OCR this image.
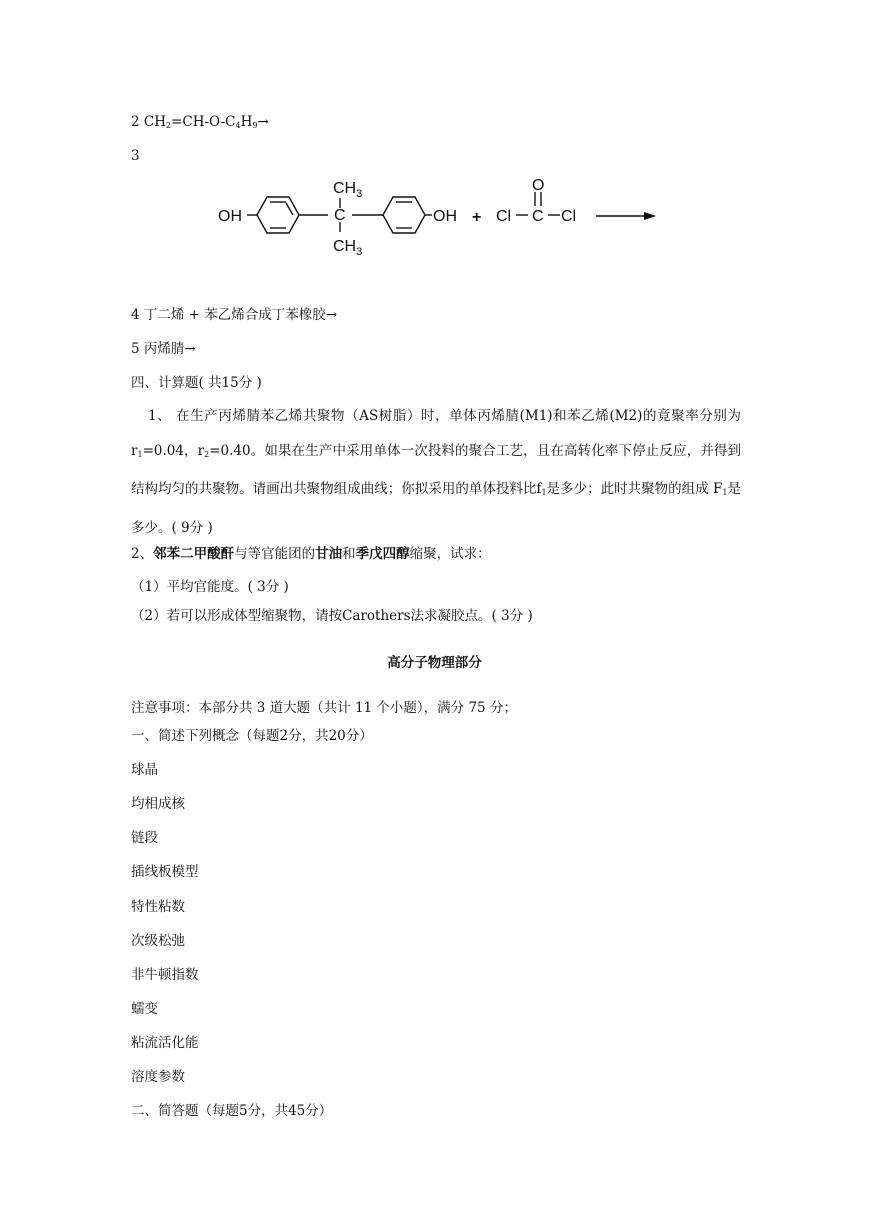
2 $CH_2=CH-O-C_4H_9\to$
3
OH
$CH_3$
C
$CH_3$
OH +
O
Cl C Cl
4 丁二烯 + 苯乙烯合成丁苯橡胶→
5 丙烯腈→
四、计算题( 共15分 )
1、 在生产丙烯腈苯乙烯共聚物（AS树脂）时，单体丙烯腈(M1)和苯乙烯(M2)的竟聚率分别为$r_1=0.04$，$r_2=0.40$。如果在生产中采用单体一次投料的聚合工艺，且在高转化率下停止反应，并得到结构均匀的共聚物。请画出共聚物组成曲线；你拟采用的单体投料比$f_1$是多少；此时共聚物的组成 $F_1$是多少。( 9分 )
2、邻苯二甲酸酐与等官能团的甘油和季戊四醇缩聚，试求：
（1）平均官能度。( 3分 )
（2）若可以形成体型缩聚物，请按Carothers法求凝胶点。( 3分 )
高分子物理部分
注意事项：本部分共 3 道大题（共计 11 个小题），满分 75 分；
一、简述下列概念（每题2分，共20分）
球晶
均相成核
链段
插线板模型
特性粘数
次级松弛
非牛顿指数
蠕变
粘流活化能
溶度参数
二、简答题（每题5分，共45分）
